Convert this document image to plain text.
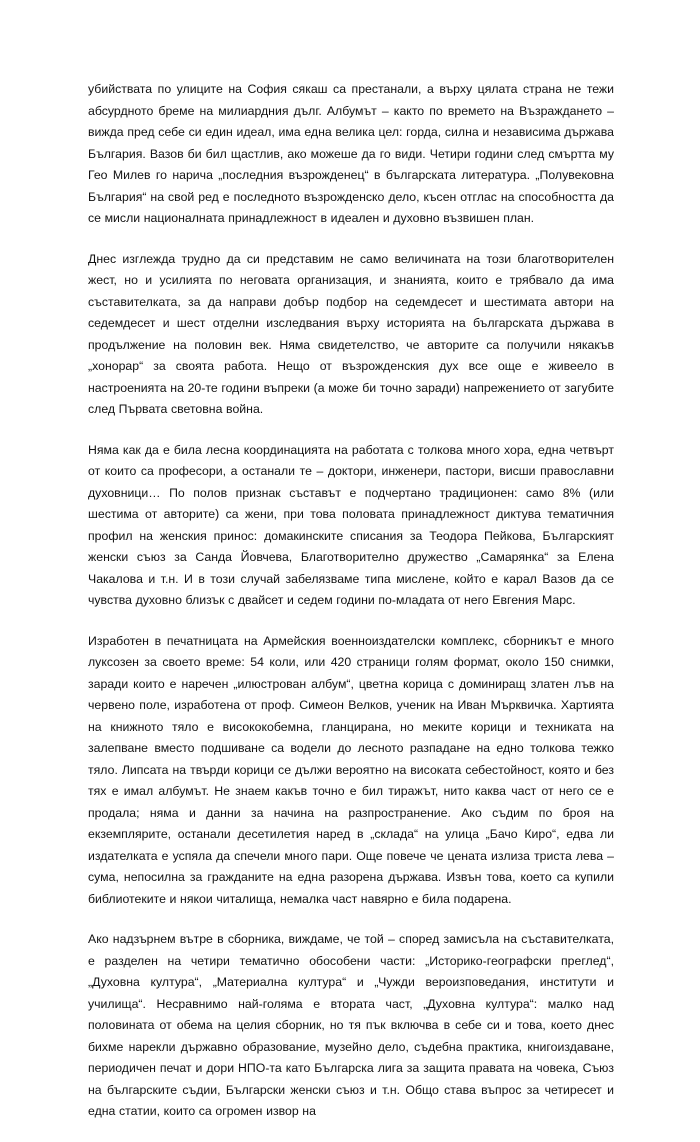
убийствата по улиците на София сякаш са престанали, а върху цялата страна не тежи абсурдното бреме на милиардния дълг. Албумът – както по времето на Възраждането – вижда пред себе си един идеал, има една велика цел: горда, силна и независима държава България. Вазов би бил щастлив, ако можеше да го види. Четири години след смъртта му Гео Милев го нарича „последния възрожденец“ в българската литература. „Полувековна България“ на свой ред е последното възрожденско дело, късен отглас на способността да се мисли националната принадлежност в идеален и духовно възвишен план.

Днес изглежда трудно да си представим не само величината на този благотворителен жест, но и усилията по неговата организация, и знанията, които е трябвало да има съставителката, за да направи добър подбор на седемдесет и шестимата автори на седемдесет и шест отделни изследвания върху историята на българската държава в продължение на половин век. Няма свидетелство, че авторите са получили някакъв „хонорар“ за своята работа. Нещо от възрожденския дух все още е живеело в настроенията на 20-те години въпреки (а може би точно заради) напрежението от загубите след Първата световна война.

Няма как да е била лесна координацията на работата с толкова много хора, една четвърт от които са професори, а останали те – доктори, инженери, пастори, висши православни духовници… По полов признак съставът е подчертано традиционен: само 8% (или шестима от авторите) са жени, при това половата принадлежност диктува тематичния профил на женския принос: домакинските списания за Теодора Пейкова, Българският женски съюз за Санда Йовчева, Благотворително дружество „Самарянка“ за Елена Чакалова и т.н. И в този случай забелязваме типа мислене, който е карал Вазов да се чувства духовно близък с двайсет и седем години по-младата от него Евгения Марс.

Изработен в печатницата на Армейския военноиздателски комплекс, сборникът е много луксозен за своето време: 54 коли, или 420 страници голям формат, около 150 снимки, заради които е наречен „илюстрован албум“, цветна корица с доминиращ златен лъв на червено поле, изработена от проф. Симеон Велков, ученик на Иван Мърквичка. Хартията на книжното тяло е висококобемна, гланцирана, но меките корици и техниката на залепване вместо подшиване са водели до лесното разпадане на едно толкова тежко тяло. Липсата на твърди корици се дължи вероятно на високата себестойност, която и без тях е имал албумът. Не знаем какъв точно е бил тиражът, нито каква част от него се е продала; няма и данни за начина на разпространение. Ако съдим по броя на екземплярите, останали десетилетия наред в „склада“ на улица „Бачо Киро“, едва ли издателката е успяла да спечели много пари. Още повече че цената излиза триста лева – сума, непосилна за гражданите на една разорена държава. Извън това, което са купили библиотеките и някои читалища, немалка част навярно е била подарена.

Ако надзърнем вътре в сборника, виждаме, че той – според замисъла на съставителката, е разделен на четири тематично обособени части: „Историко-географски преглед“, „Духовна култура“, „Материална култура“ и „Чужди вероизповедания, институти и училища“. Несравнимо най-голяма е втората част, „Духовна култура“: малко над половината от обема на целия сборник, но тя пък включва в себе си и това, което днес бихме нарекли държавно образование, музейно дело, съдебна практика, книгоиздаване, периодичен печат и дори НПО-та като Българска лига за защита правата на човека, Съюз на българските съдии, Български женски съюз и т.н. Общо става въпрос за четиресет и една статии, които са огромен извор на
